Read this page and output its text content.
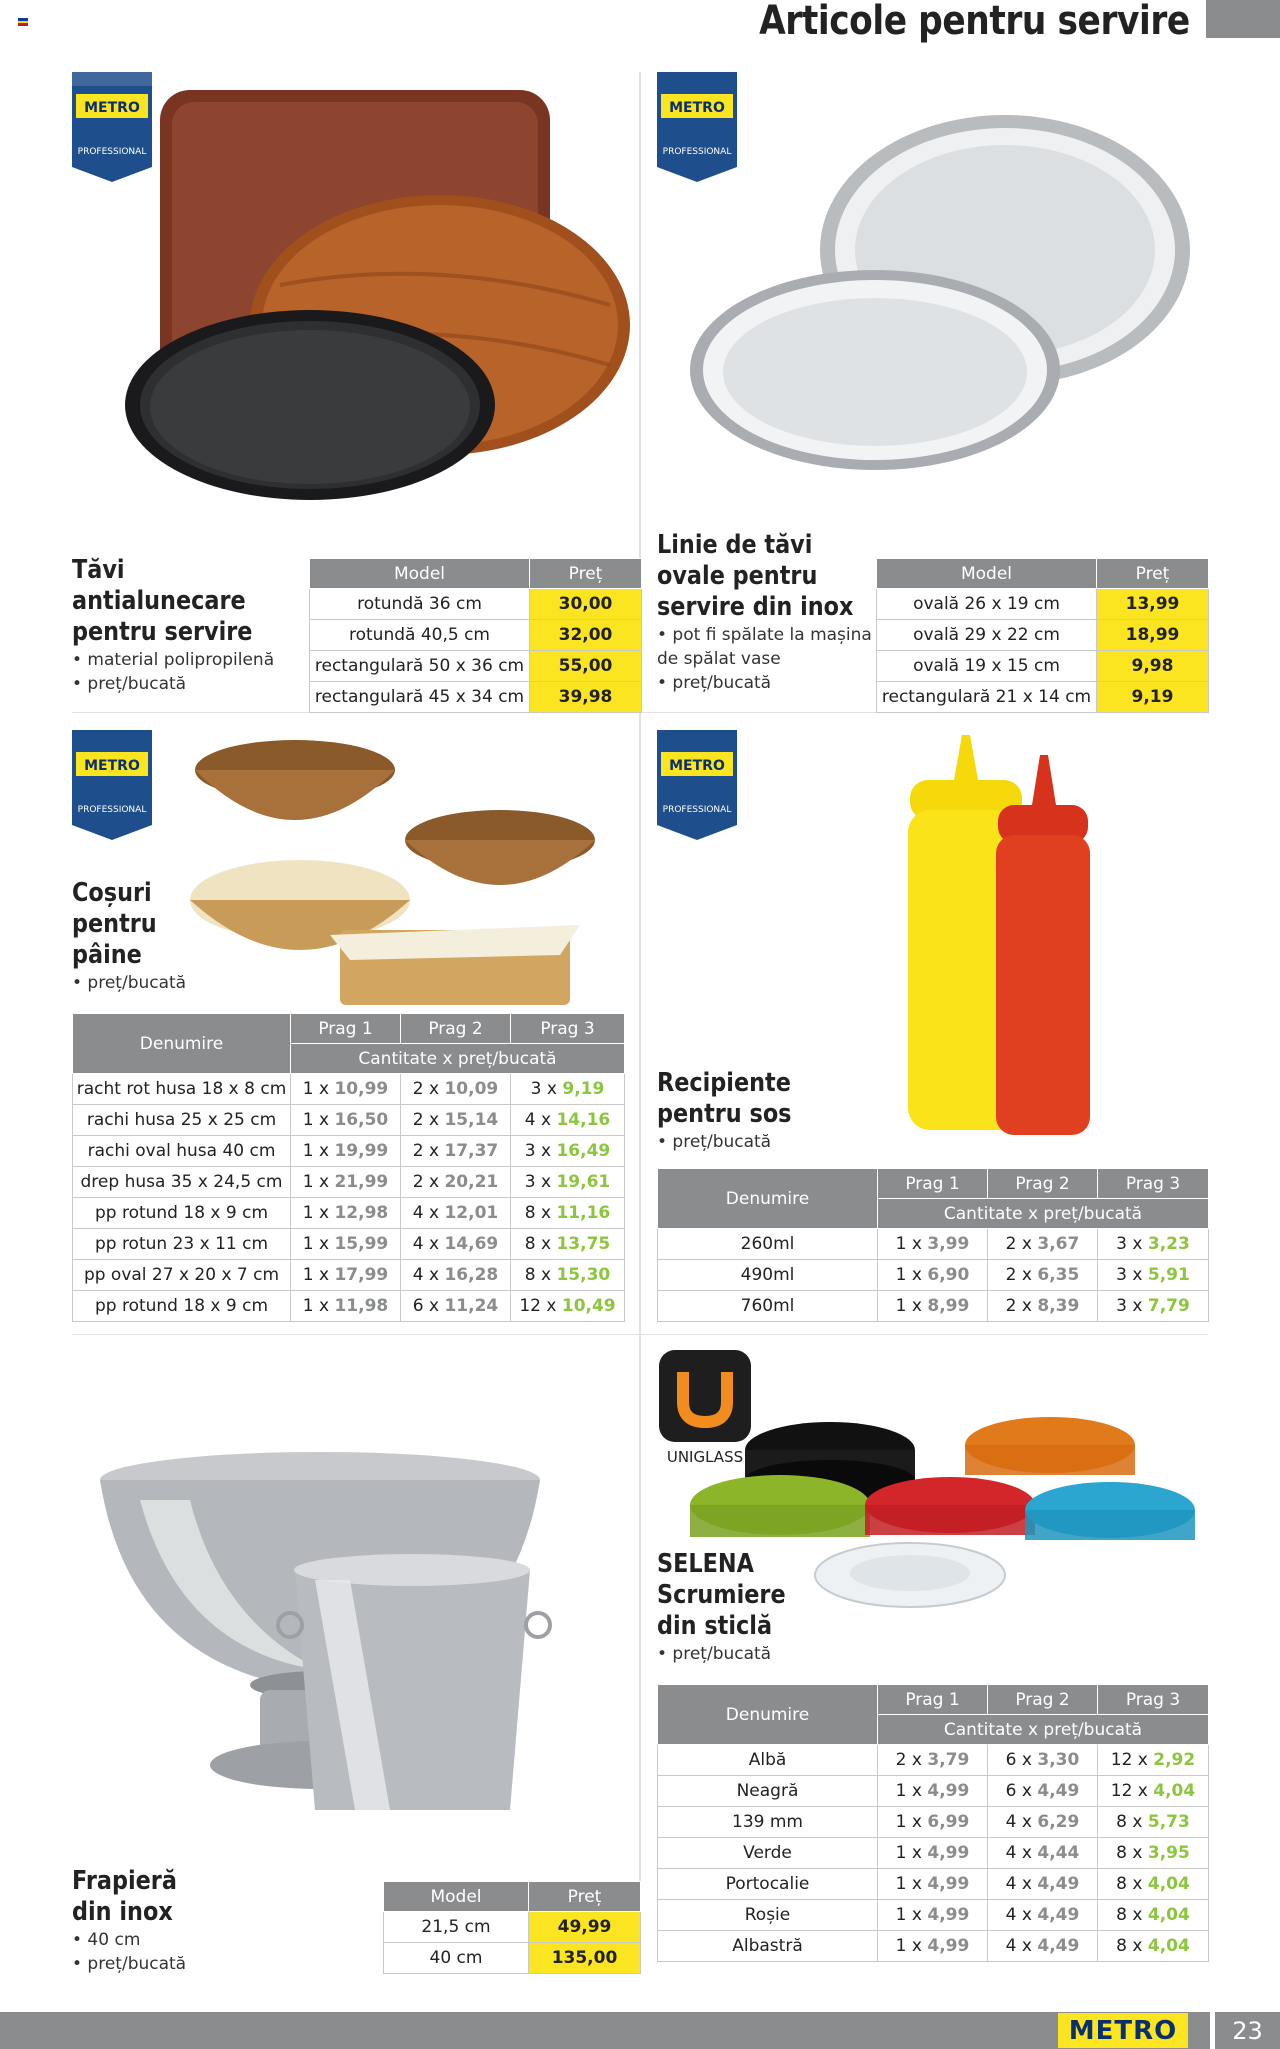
Articole pentru servire
METRO
PROFESSIONAL
Tăvi
antialunecare
pentru servire
• material polipropilenă
• preț/bucată
Model	Preț
rotundă 36 cm	30,00
rotundă 40,5 cm	32,00
rectangulară 50 x 36 cm	55,00
rectangulară 45 x 34 cm	39,98
METRO
PROFESSIONAL
Linie de tăvi
ovale pentru
servire din inox
• pot fi spălate la mașina
de spălat vase
• preț/bucată
Model	Preț
ovală 26 x 19 cm	13,99
ovală 29 x 22 cm	18,99
ovală 19 x 15 cm	9,98
rectangulară 21 x 14 cm	9,19
METRO
PROFESSIONAL
Coșuri
pentru
pâine
• preț/bucată
Denumire	Prag 1	Prag 2	Prag 3
	Cantitate x preț/bucată		
racht rot husa 18 x 8 cm	1 x 10,99	2 x 10,09	3 x 9,19
rachi husa 25 x 25 cm	1 x 16,50	2 x 15,14	4 x 14,16
rachi oval husa 40 cm	1 x 19,99	2 x 17,37	3 x 16,49
drep husa 35 x 24,5 cm	1 x 21,99	2 x 20,21	3 x 19,61
pp rotund 18 x 9 cm	1 x 12,98	4 x 12,01	8 x 11,16
pp rotun 23 x 11 cm	1 x 15,99	4 x 14,69	8 x 13,75
pp oval 27 x 20 x 7 cm	1 x 17,99	4 x 16,28	8 x 15,30
pp rotund 18 x 9 cm	1 x 11,98	6 x 11,24	12 x 10,49
METRO
PROFESSIONAL
Recipiente
pentru sos
• preț/bucată
Denumire	Prag 1	Prag 2	Prag 3
	Cantitate x preț/bucată		
260ml	1 x 3,99	2 x 3,67	3 x 3,23
490ml	1 x 6,90	2 x 6,35	3 x 5,91
760ml	1 x 8,99	2 x 8,39	3 x 7,79
Frapieră
din inox
• 40 cm
• preț/bucată
Model	Preț
21,5 cm	49,99
40 cm	135,00
UNIGLASS
SELENA
Scrumiere
din sticlă
• preț/bucată
Denumire	Prag 1	Prag 2	Prag 3
	Cantitate x preț/bucată		
Albă	2 x 3,79	6 x 3,30	12 x 2,92
Neagră	1 x 4,99	6 x 4,49	12 x 4,04
139 mm	1 x 6,99	4 x 6,29	8 x 5,73
Verde	1 x 4,99	4 x 4,44	8 x 3,95
Portocalie	1 x 4,99	4 x 4,49	8 x 4,04
Roșie	1 x 4,99	4 x 4,49	8 x 4,04
Albastră	1 x 4,99	4 x 4,49	8 x 4,04
METRO	23
